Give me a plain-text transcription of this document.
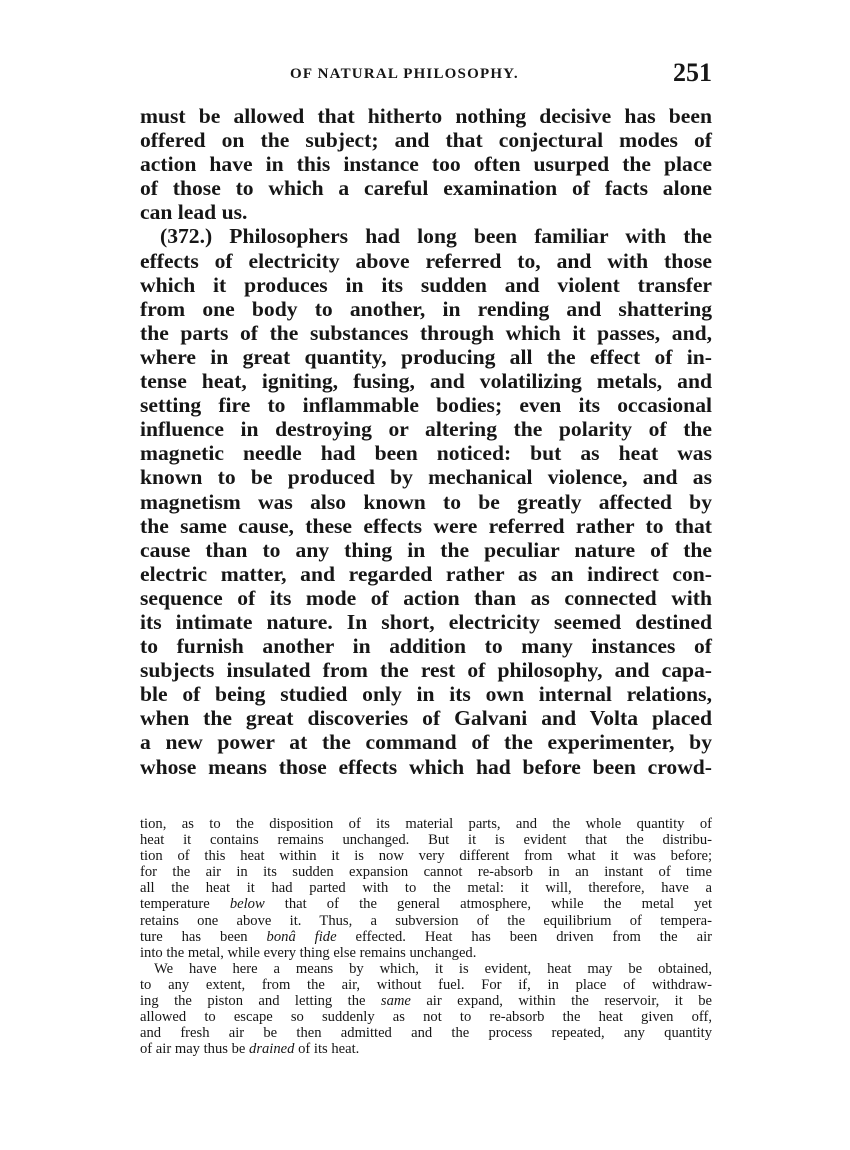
OF NATURAL PHILOSOPHY.	251
must be allowed that hitherto nothing decisive has been
offered on the subject; and that conjectural modes of
action have in this instance too often usurped the place
of those to which a careful examination of facts alone
can lead us.
(372.) Philosophers had long been familiar with the
effects of electricity above referred to, and with those
which it produces in its sudden and violent transfer
from one body to another, in rending and shattering
the parts of the substances through which it passes, and,
where in great quantity, producing all the effect of in-
tense heat, igniting, fusing, and volatilizing metals, and
setting fire to inflammable bodies; even its occasional
influence in destroying or altering the polarity of the
magnetic needle had been noticed: but as heat was
known to be produced by mechanical violence, and as
magnetism was also known to be greatly affected by
the same cause, these effects were referred rather to that
cause than to any thing in the peculiar nature of the
electric matter, and regarded rather as an indirect con-
sequence of its mode of action than as connected with
its intimate nature. In short, electricity seemed destined
to furnish another in addition to many instances of
subjects insulated from the rest of philosophy, and capa-
ble of being studied only in its own internal relations,
when the great discoveries of Galvani and Volta placed
a new power at the command of the experimenter, by
whose means those effects which had before been crowd-
tion, as to the disposition of its material parts, and the whole quantity of
heat it contains remains unchanged. But it is evident that the distribu-
tion of this heat within it is now very different from what it was before;
for the air in its sudden expansion cannot re-absorb in an instant of time
all the heat it had parted with to the metal: it will, therefore, have a
temperature below that of the general atmosphere, while the metal yet
retains one above it. Thus, a subversion of the equilibrium of tempera-
ture has been bonâ fide effected. Heat has been driven from the air
into the metal, while every thing else remains unchanged.
We have here a means by which, it is evident, heat may be obtained,
to any extent, from the air, without fuel. For if, in place of withdraw-
ing the piston and letting the same air expand, within the reservoir, it be
allowed to escape so suddenly as not to re-absorb the heat given off,
and fresh air be then admitted and the process repeated, any quantity
of air may thus be drained of its heat.
